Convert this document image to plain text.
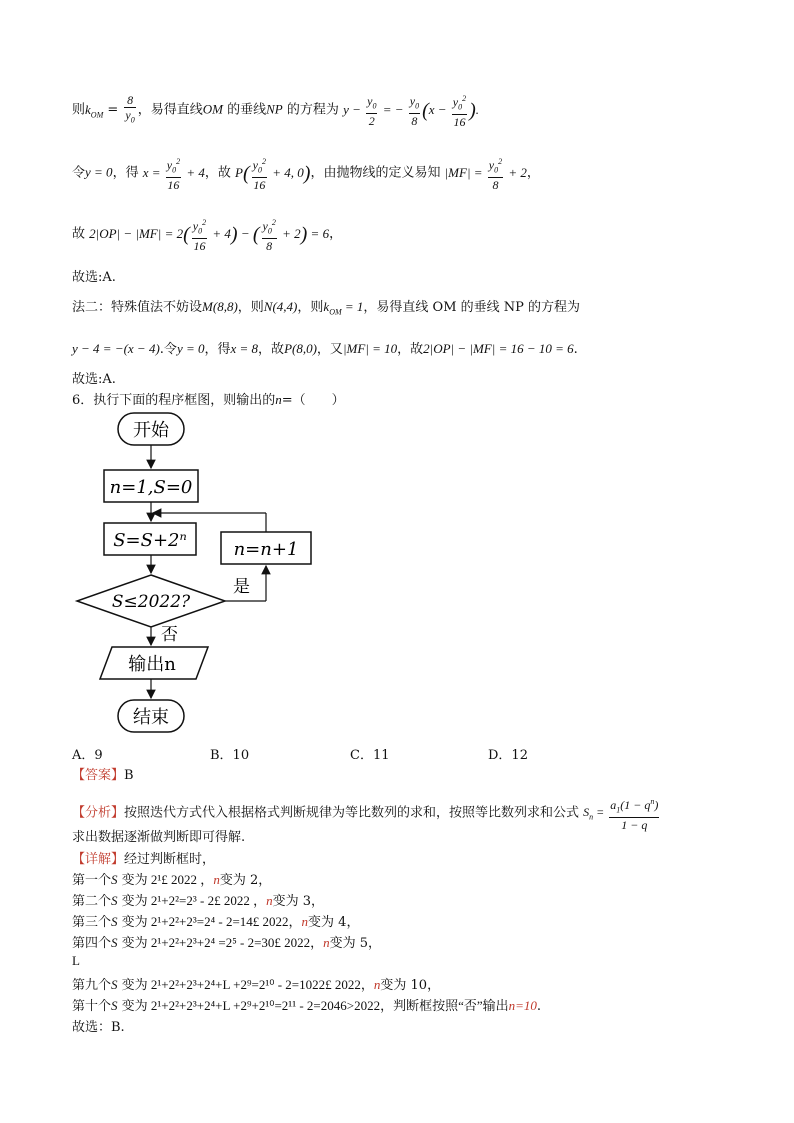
则$k_{OM} = \frac{8}{y_0}$ ，易得直线OM 的垂线NP 的方程为 $y - \frac{y_0}{2}$ = − $\frac{y_0}{8} (x - \frac{y_0^2}{16}$ ).
令y = 0，得 $x = \frac{y_0^2}{16} + 4$，故 $P( \frac{y_0^2}{16} + 4$, 0)，由抛物线的定义易知 $|MF| = \frac{y_0^2}{8} + 2$，
故 $2|OP| - |MF| = 2( \frac{y_0^2}{16} + 4)$ − ( $\frac{y_0^2}{8} + 2) = 6$，
故选:A.
法二：特殊值法不妨设M(8,8)，则N(4,4)，则$k_{OM} = 1$，易得直线 OM 的垂线 NP 的方程为
y − 4 = −(x − 4).令y = 0，得x = 8，故P(8,0)，又|MF| = 10，故2|OP| − |MF| = 16 − 10 = 6.
故选:A.
6．执行下面的程序框图，则输出的n=（　　）
开始
n=1,S=0
S=S+2ⁿ
S≤2022?
是
n=n+1
否
输出n
结束
A．9	B．10	C．11	D．12
【答案】B
【分析】按照迭代方式代入根据格式判断规律为等比数列的求和，按照等比数列求和公式 $S_n = \frac{a_1(1 - q^n)}{1 - q}$
求出数据逐渐做判断即可得解.
【详解】经过判断框时，
第一个S 变为 2¹£ 2022 ，n变为 2，
第二个S 变为 2¹+2²=2³ - 2£ 2022 ，n变为 3，
第三个S 变为 2¹+2²+2³=2⁴ - 2=14£ 2022，n变为 4，
第四个S 变为 2¹+2²+2³+2⁴ =2⁵ - 2=30£ 2022，n变为 5，
L
第九个S 变为 2¹+2²+2³+2⁴+L +2⁹=2¹⁰ - 2=1022£ 2022，n变为 10，
第十个S 变为 2¹+2²+2³+2⁴+L +2⁹+2¹⁰=2¹¹ - 2=2046>2022，判断框按照“否”输出n=10.
故选：B.
